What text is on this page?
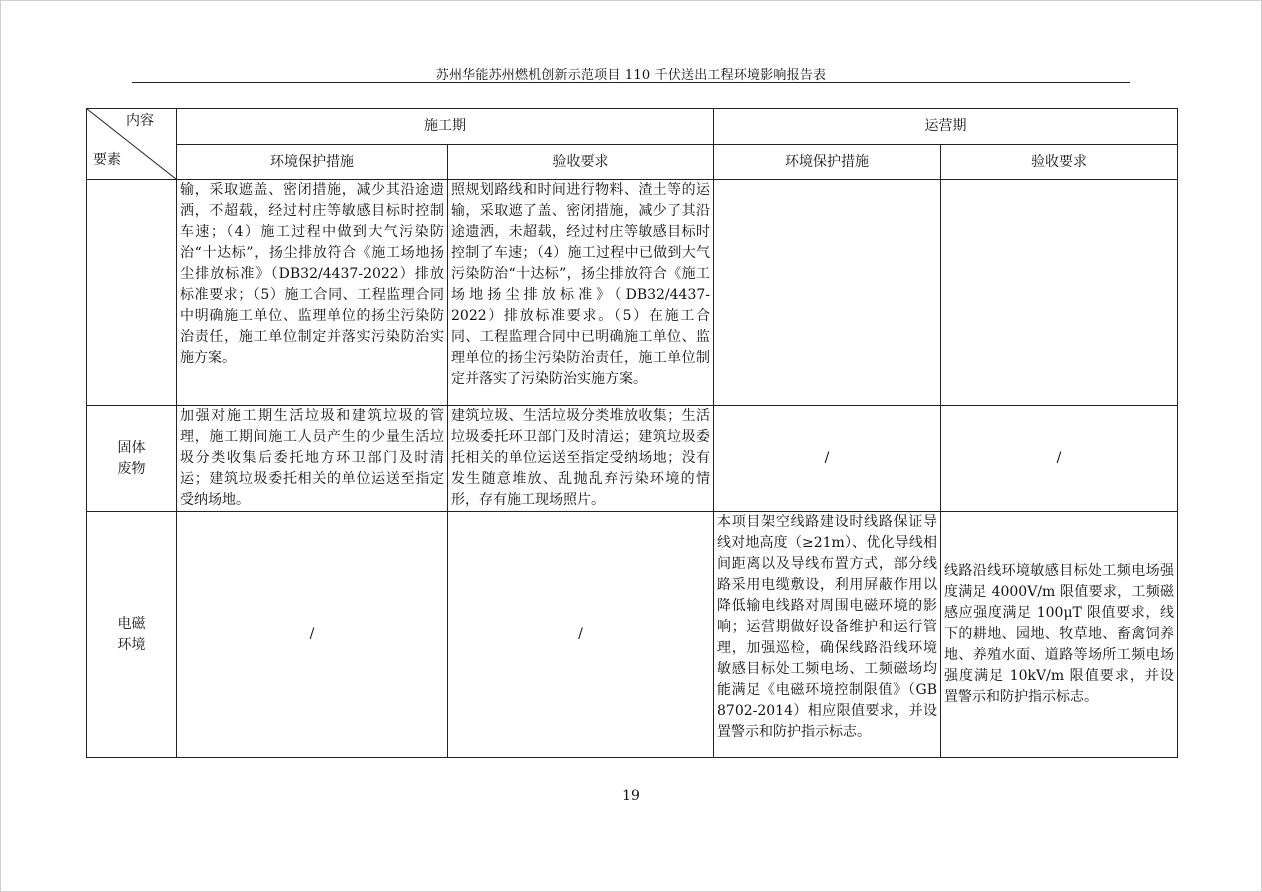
苏州华能苏州燃机创新示范项目 110 千伏送出工程环境影响报告表
内容
要素	施工期		运营期	
	环境保护措施	验收要求	环境保护措施	验收要求

	输，采取遮盖、密闭措施，减少其沿途遗洒，不超载，经过村庄等敏感目标时控制车速；（4）施工过程中做到大气污染防治“十达标”，扬尘排放符合《施工场地扬尘排放标准》（DB32/4437-2022）排放标准要求；（5）施工合同、工程监理合同中明确施工单位、监理单位的扬尘污染防治责任，施工单位制定并落实污染防治实施方案。	照规划路线和时间进行物料、渣土等的运输，采取遮了盖、密闭措施，减少了其沿途遗洒，未超载，经过村庄等敏感目标时控制了车速；（4）施工过程中已做到大气污染防治“十达标”，扬尘排放符合《施工场地扬尘排放标准》（DB32/4437-2022）排放标准要求。（5）在施工合同、工程监理合同中已明确施工单位、监理单位的扬尘污染防治责任，施工单位制定并落实了污染防治实施方案。		

固体
废物	加强对施工期生活垃圾和建筑垃圾的管理，施工期间施工人员产生的少量生活垃圾分类收集后委托地方环卫部门及时清运；建筑垃圾委托相关的单位运送至指定受纳场地。	建筑垃圾、生活垃圾分类堆放收集；生活垃圾委托环卫部门及时清运；建筑垃圾委托相关的单位运送至指定受纳场地；没有发生随意堆放、乱抛乱弃污染环境的情形，存有施工现场照片。	/	/
电磁
环境	/	/	本项目架空线路建设时线路保证导线对地高度（≥21m）、优化导线相间距离以及导线布置方式，部分线路采用电缆敷设，利用屏蔽作用以降低输电线路对周围电磁环境的影响；运营期做好设备维护和运行管理，加强巡检，确保线路沿线环境敏感目标处工频电场、工频磁场均能满足《电磁环境控制限值》（GB 8702-2014）相应限值要求，并设置警示和防护指示标志。	线路沿线环境敏感目标处工频电场强度满足 4000V/m 限值要求，工频磁感应强度满足 100μT 限值要求，线下的耕地、园地、牧草地、畜禽饲养地、养殖水面、道路等场所工频电场强度满足 10kV/m 限值要求，并设置警示和防护指示标志。
19
